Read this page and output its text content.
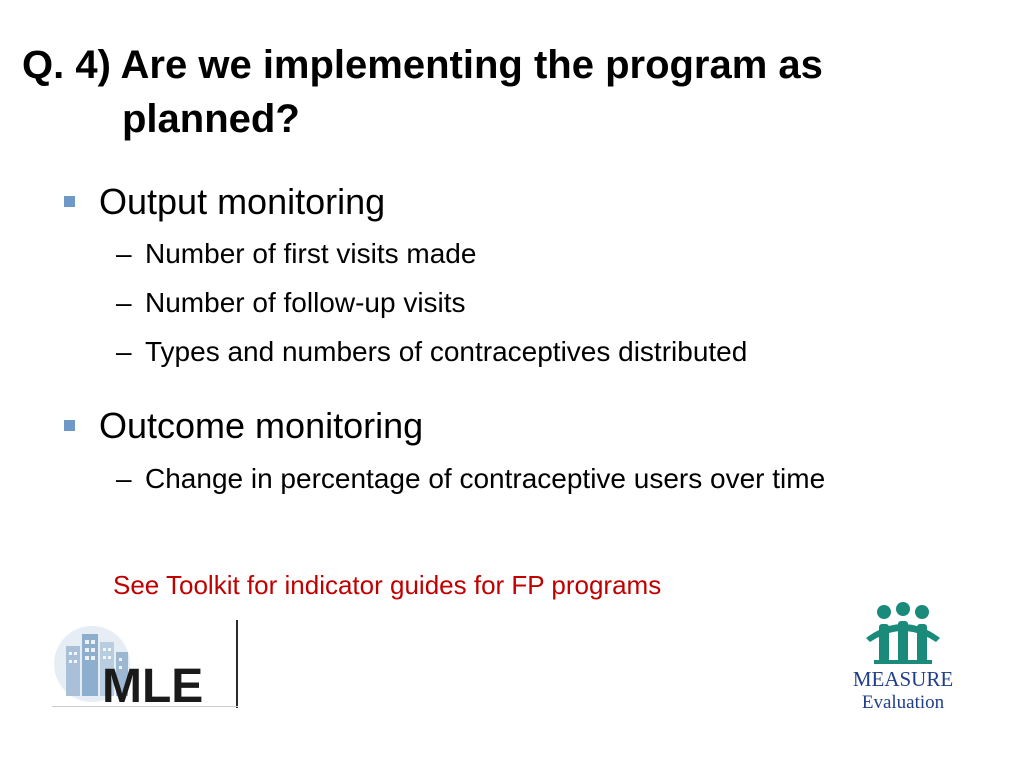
Q. 4) Are we implementing the program as
planned?
Output monitoring
– Number of first visits made
– Number of follow-up visits
– Types and numbers of contraceptives distributed
Outcome monitoring
– Change in percentage of contraceptive users over time
See Toolkit for indicator guides for FP programs
MLE	MEASURE
Evaluation
